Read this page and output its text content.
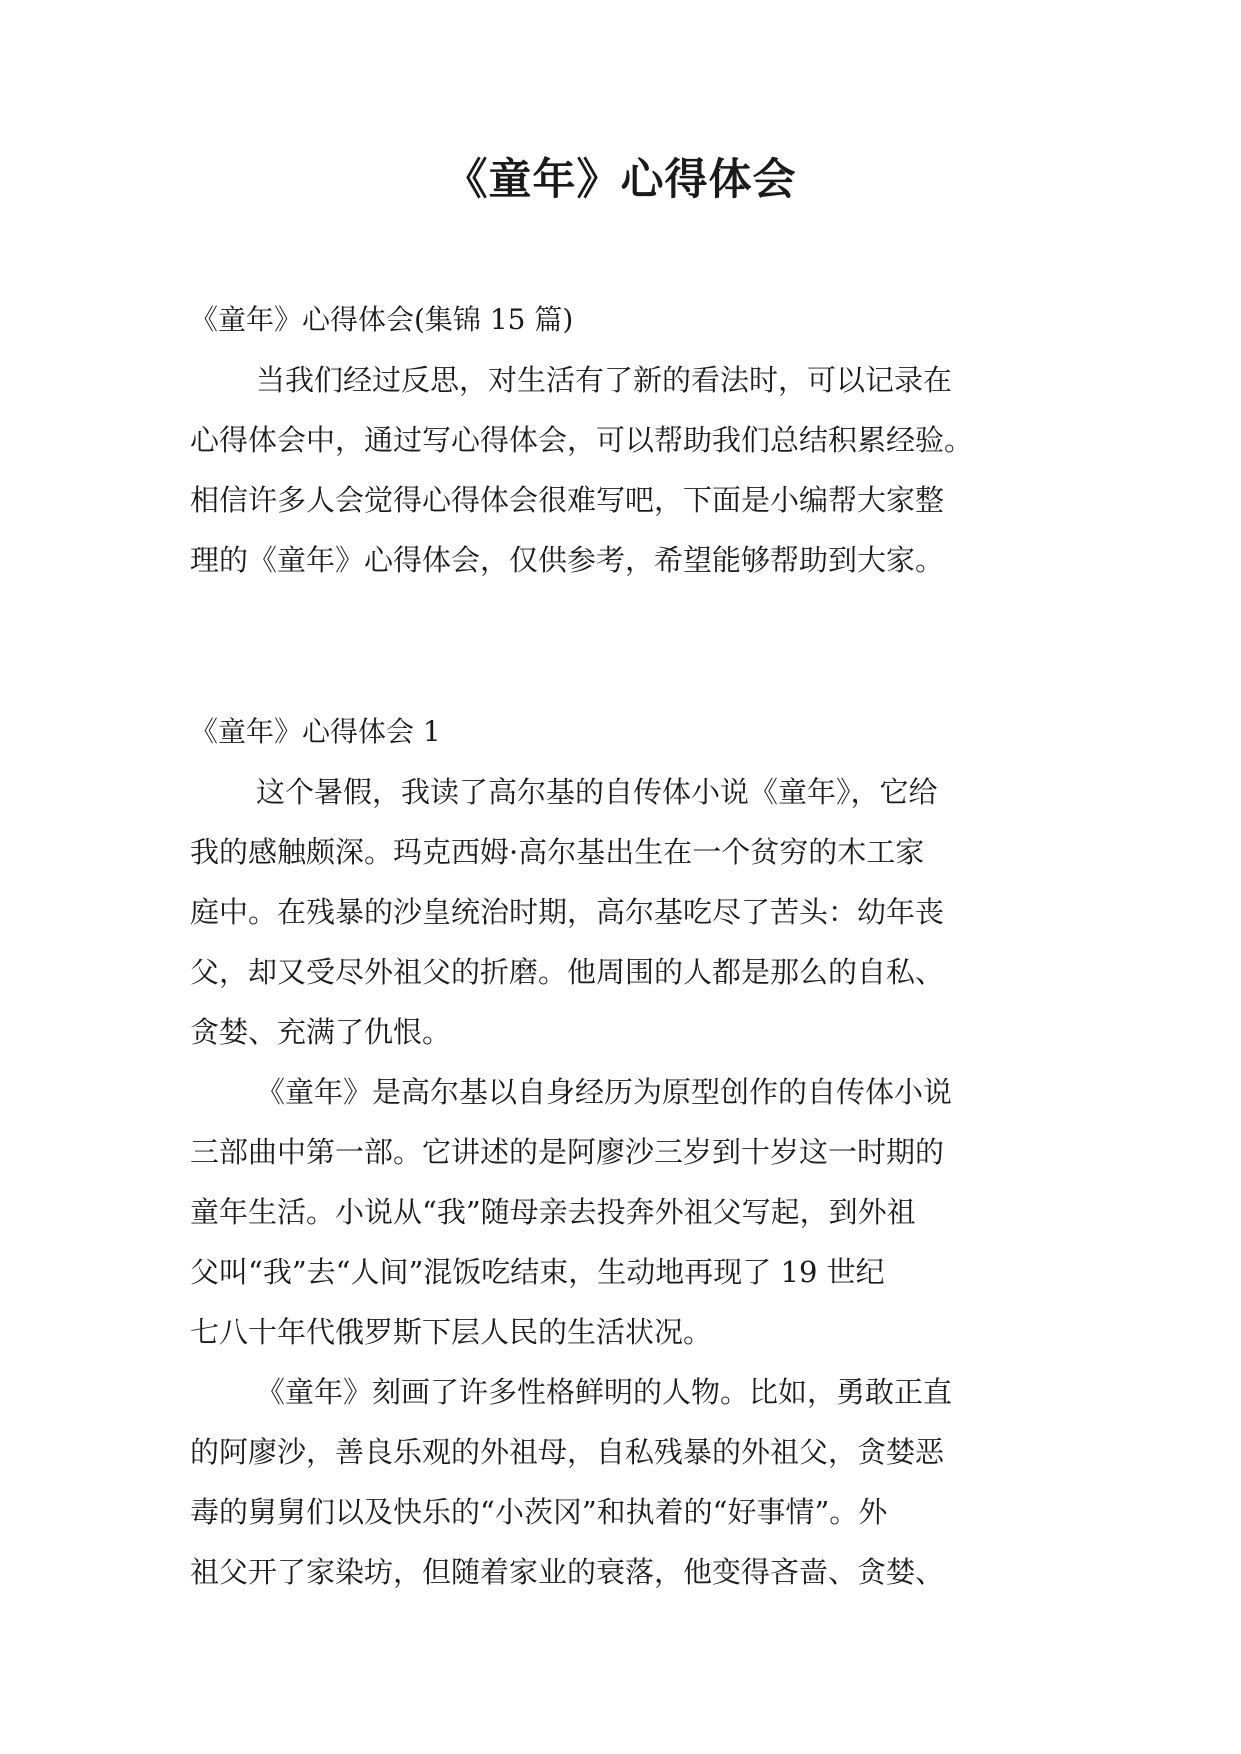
《童年》心得体会

《童年》心得体会(集锦 15 篇)

当我们经过反思，对生活有了新的看法时，可以记录在

心得体会中，通过写心得体会，可以帮助我们总结积累经验。

相信许多人会觉得心得体会很难写吧，下面是小编帮大家整

理的《童年》心得体会，仅供参考，希望能够帮助到大家。

《童年》心得体会 1

这个暑假，我读了高尔基的自传体小说《童年》，它给

我的感触颇深。玛克西姆·高尔基出生在一个贫穷的木工家

庭中。在残暴的沙皇统治时期，高尔基吃尽了苦头：幼年丧

父，却又受尽外祖父的折磨。他周围的人都是那么的自私、

贪婪、充满了仇恨。

《童年》是高尔基以自身经历为原型创作的自传体小说

三部曲中第一部。它讲述的是阿廖沙三岁到十岁这一时期的

童年生活。小说从“我”随母亲去投奔外祖父写起，到外祖

父叫“我”去“人间”混饭吃结束，生动地再现了 19 世纪

七八十年代俄罗斯下层人民的生活状况。

《童年》刻画了许多性格鲜明的人物。比如，勇敢正直

的阿廖沙，善良乐观的外祖母，自私残暴的外祖父，贪婪恶

毒的舅舅们以及快乐的“小茨冈”和执着的“好事情”。外

祖父开了家染坊，但随着家业的衰落，他变得吝啬、贪婪、
